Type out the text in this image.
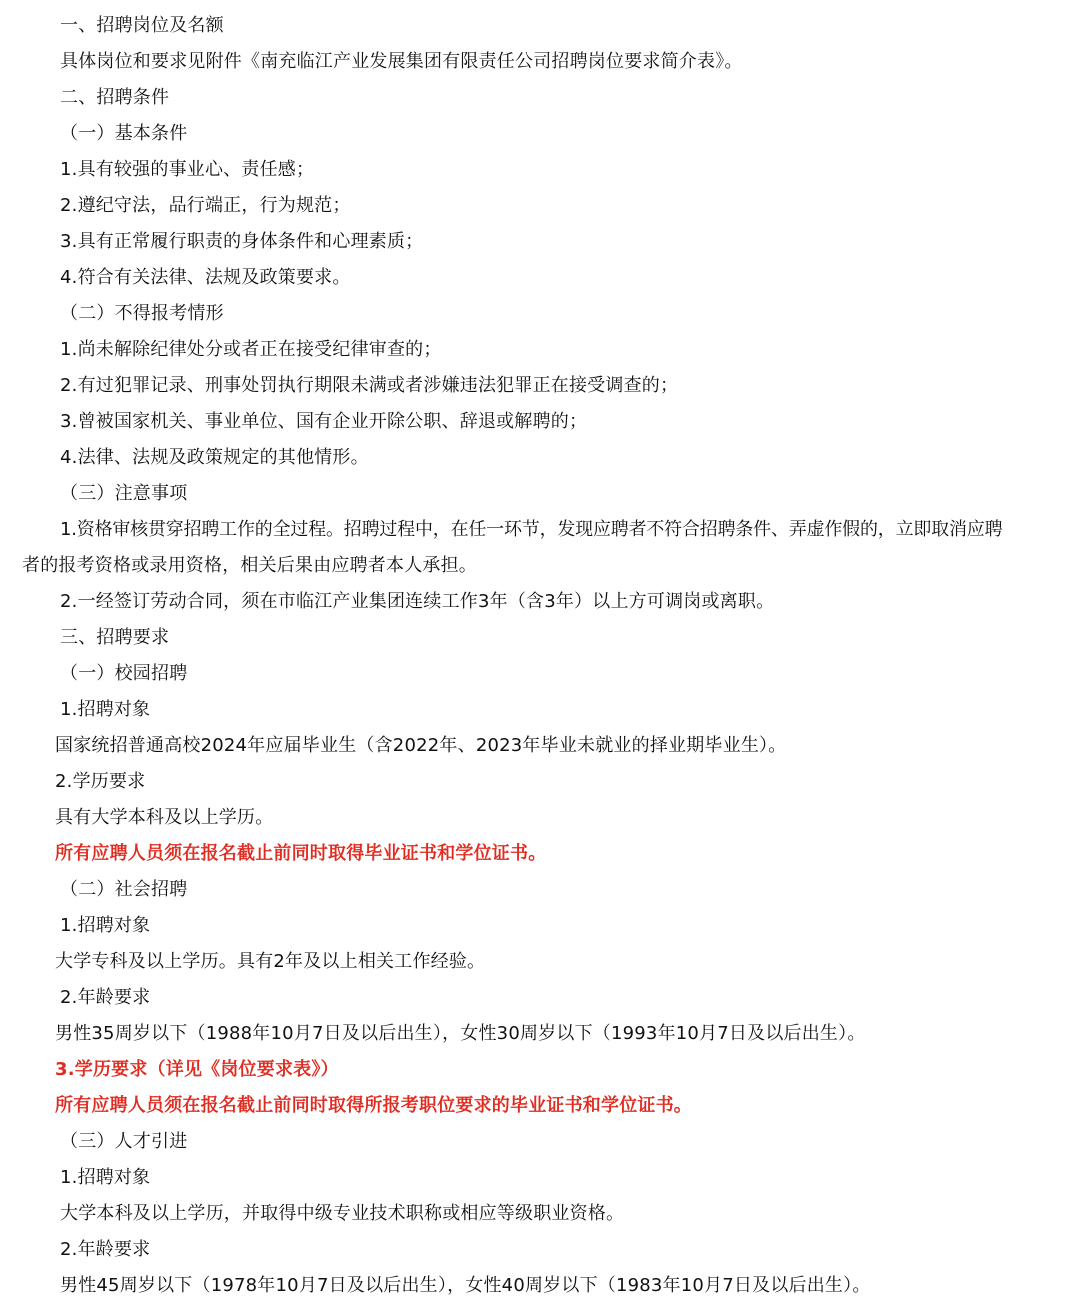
一、招聘岗位及名额
具体岗位和要求见附件《南充临江产业发展集团有限责任公司招聘岗位要求简介表》。
二、招聘条件
（一）基本条件
1.具有较强的事业心、责任感；
2.遵纪守法，品行端正，行为规范；
3.具有正常履行职责的身体条件和心理素质；
4.符合有关法律、法规及政策要求。
（二）不得报考情形
1.尚未解除纪律处分或者正在接受纪律审查的；
2.有过犯罪记录、刑事处罚执行期限未满或者涉嫌违法犯罪正在接受调查的；
3.曾被国家机关、事业单位、国有企业开除公职、辞退或解聘的；
4.法律、法规及政策规定的其他情形。
（三）注意事项
1.资格审核贯穿招聘工作的全过程。招聘过程中，在任一环节，发现应聘者不符合招聘条件、弄虚作假的，立即取消应聘
者的报考资格或录用资格，相关后果由应聘者本人承担。
2.一经签订劳动合同，须在市临江产业集团连续工作3年（含3年）以上方可调岗或离职。
三、招聘要求
（一）校园招聘
1.招聘对象
国家统招普通高校2024年应届毕业生（含2022年、2023年毕业未就业的择业期毕业生）。
2.学历要求
具有大学本科及以上学历。
所有应聘人员须在报名截止前同时取得毕业证书和学位证书。
（二）社会招聘
1.招聘对象
大学专科及以上学历。具有2年及以上相关工作经验。
2.年龄要求
男性35周岁以下（1988年10月7日及以后出生），女性30周岁以下（1993年10月7日及以后出生）。
3.学历要求（详见《岗位要求表》）
所有应聘人员须在报名截止前同时取得所报考职位要求的毕业证书和学位证书。
（三）人才引进
1.招聘对象
大学本科及以上学历，并取得中级专业技术职称或相应等级职业资格。
2.年龄要求
男性45周岁以下（1978年10月7日及以后出生），女性40周岁以下（1983年10月7日及以后出生）。
